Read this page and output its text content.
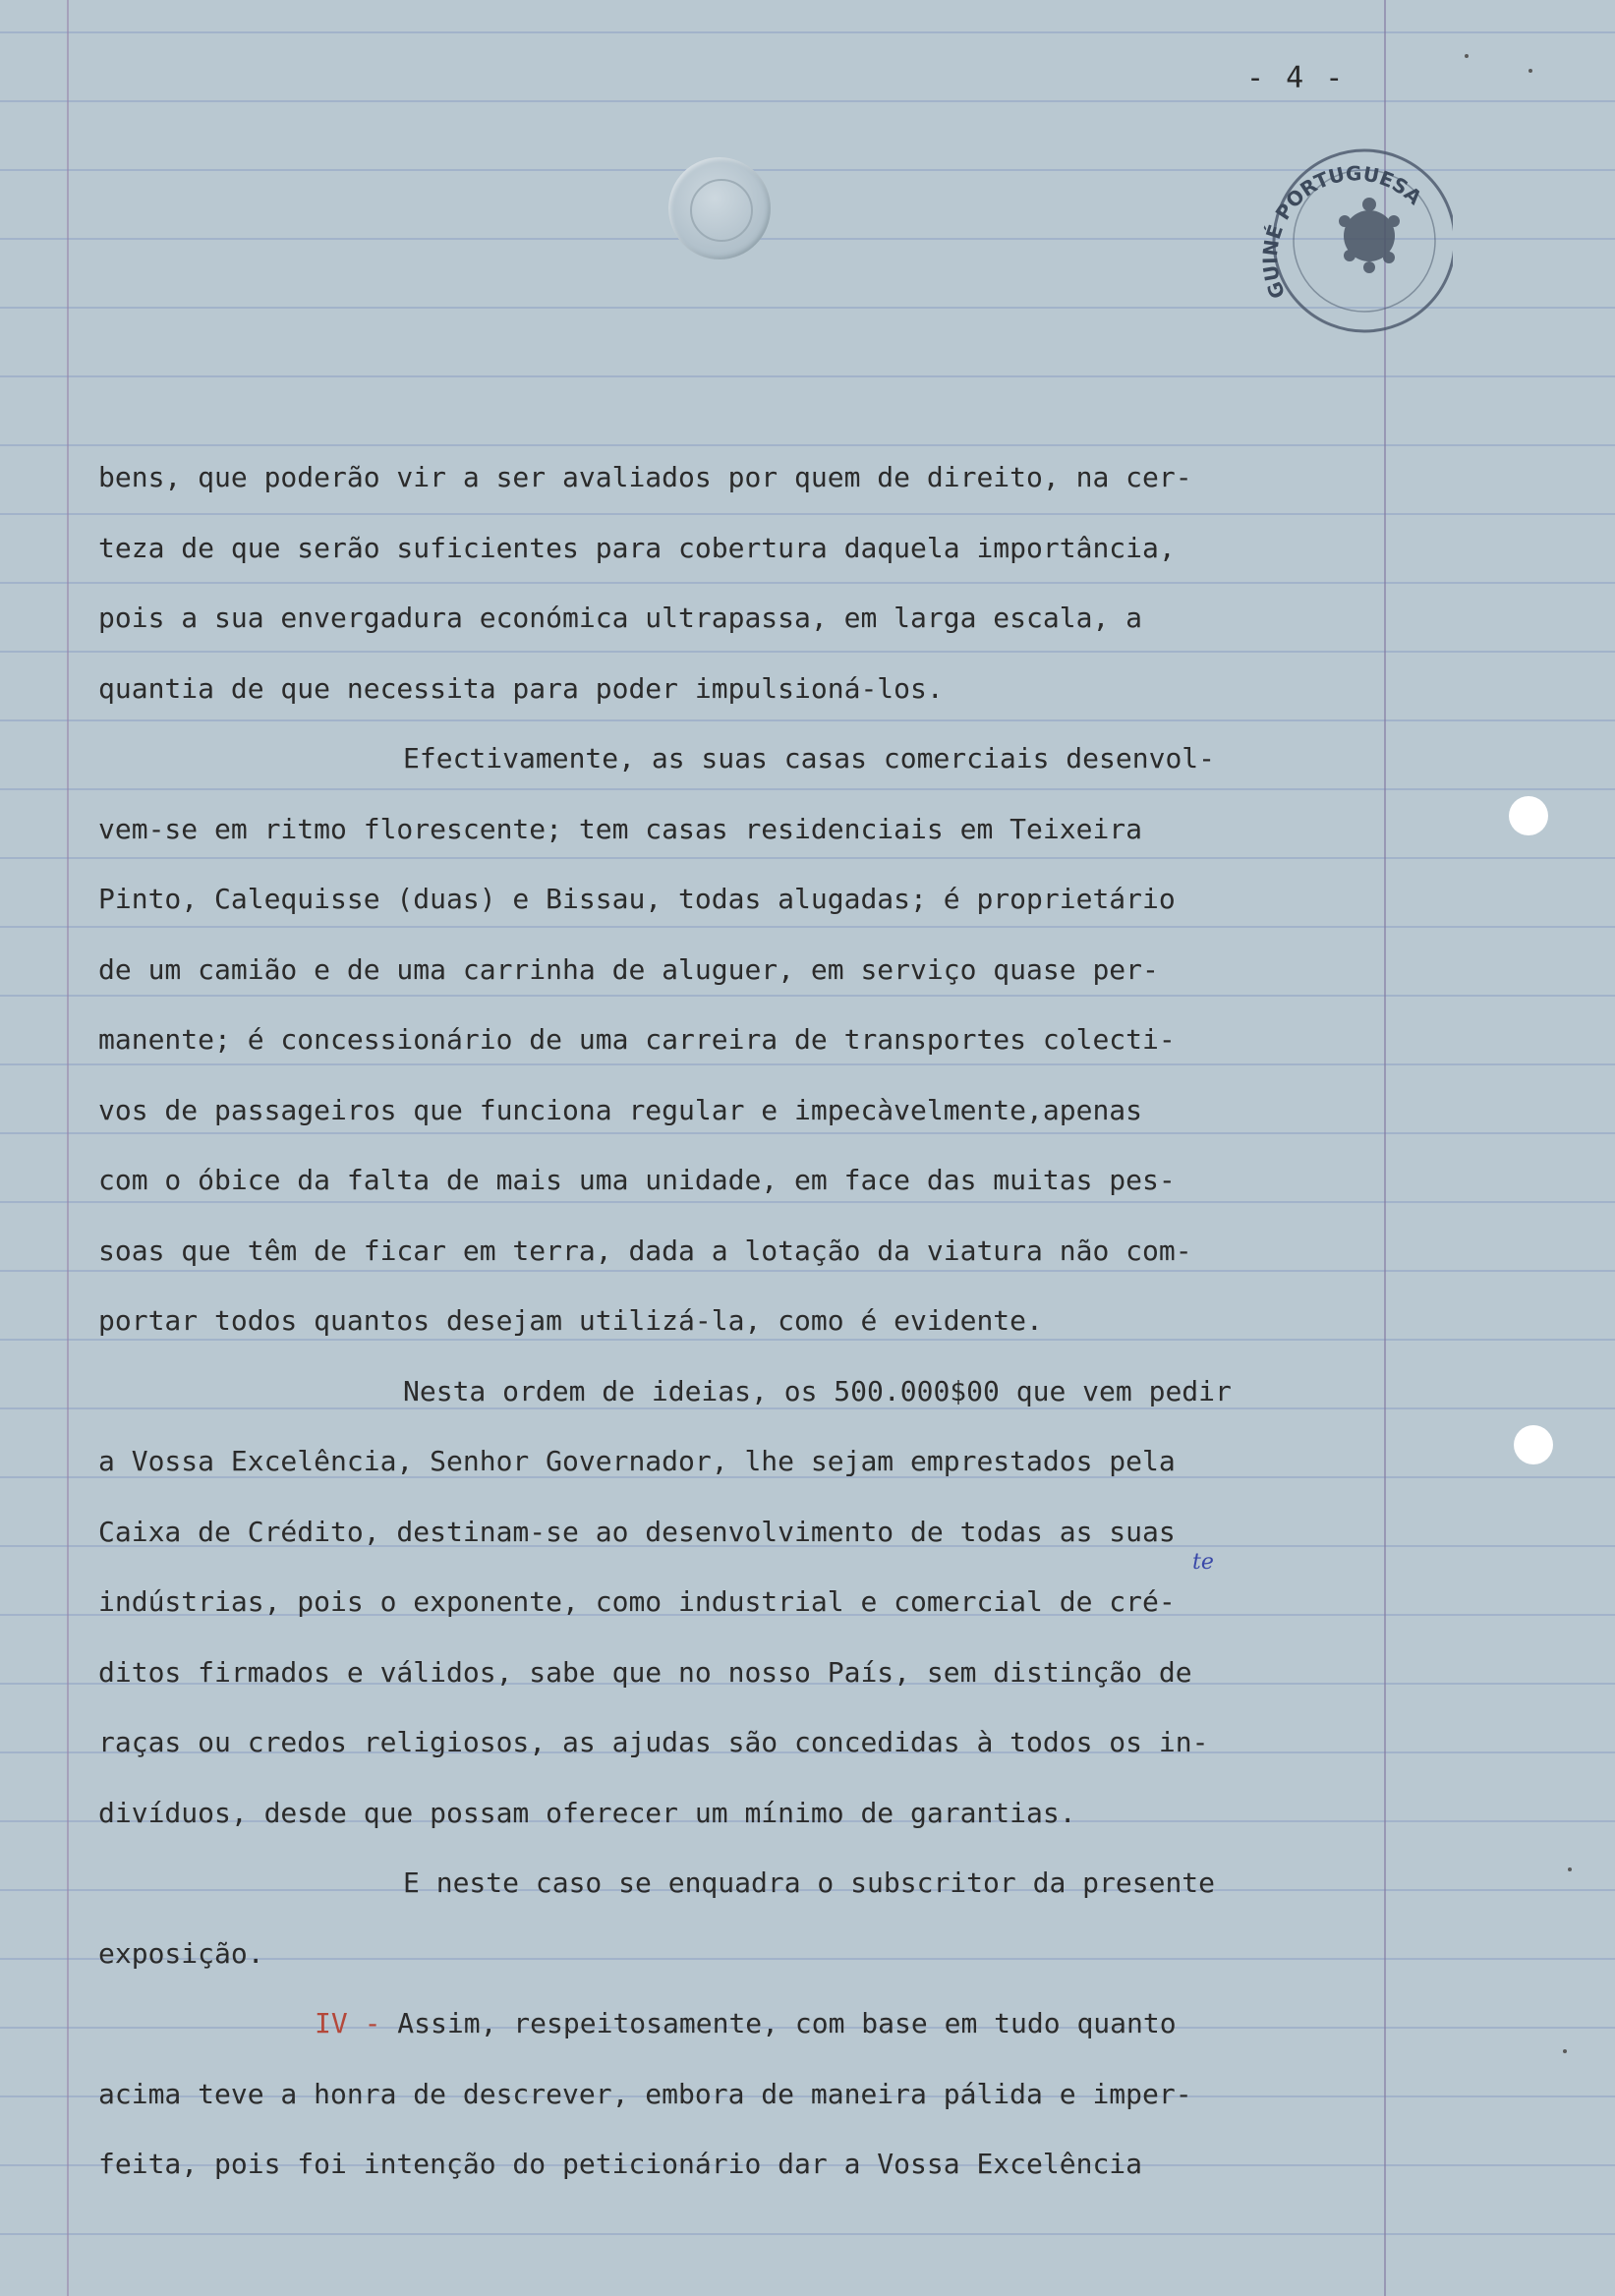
- 4 -
GUINÉ PORTUGUESA
bens, que poderão vir a ser avaliados por quem de direito, na cer-
teza de que serão suficientes para cobertura daquela importância,
pois a sua envergadura económica ultrapassa, em larga escala, a
quantia de que necessita para poder impulsioná-los.
Efectivamente, as suas casas comerciais desenvol-
vem-se em ritmo florescente; tem casas residenciais em Teixeira
Pinto, Calequisse (duas) e Bissau, todas alugadas; é proprietário
de um camião e de uma carrinha de aluguer, em serviço quase per-
manente; é concessionário de uma carreira de transportes colecti-
vos de passageiros que funciona regular e impecàvelmente,apenas
com o óbice da falta de mais uma unidade, em face das muitas pes-
soas que têm de ficar em terra, dada a lotação da viatura não com-
portar todos quantos desejam utilizá-la, como é evidente.
Nesta ordem de ideias, os 500.000$00 que vem pedir
a Vossa Excelência, Senhor Governador, lhe sejam emprestados pela
Caixa de Crédito, destinam-se ao desenvolvimento de todas as suas
indústrias, pois o exponente, como industrial e comercial de cré-
ditos firmados e válidos, sabe que no nosso País, sem distinção de
raças ou credos religiosos, as ajudas são concedidas à todos os in-
divíduos, desde que possam oferecer um mínimo de garantias.
E neste caso se enquadra o subscritor da presente
exposição.
IV - Assim, respeitosamente, com base em tudo quanto
acima teve a honra de descrever, embora de maneira pálida e imper-
feita, pois foi intenção do peticionário dar a Vossa Excelência
te
